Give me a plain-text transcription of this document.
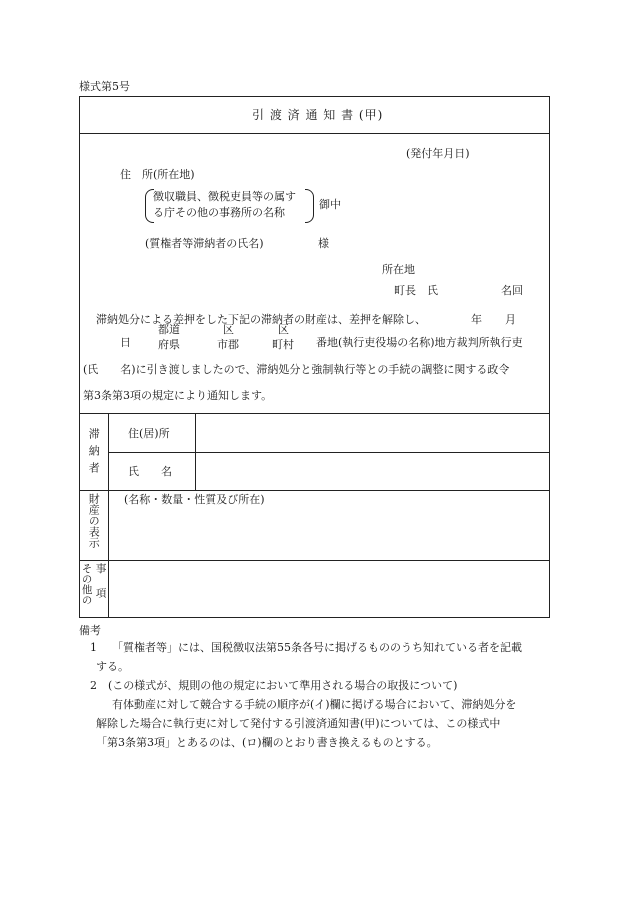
様式第5号
引 渡 済 通 知 書 (甲)
(発付年月日)
住　所(所在地)
徴収職員、徴税吏員等の属す
る庁その他の事務所の名称
御中
(質権者等滞納者の氏名)	様
所在地
町長　氏	名回
滞納処分による差押をした下記の滞納者の財産は、差押を解除し、	年 月
都道	区	区
日 府県	市郡	町村 番地(執行吏役場の名称)地方裁判所執行吏
(氏　　名)に引き渡しましたので、滞納処分と強制執行等との手続の調整に関する政令
第3条第3項の規定により通知します。
滞納者	住(居)所
氏　　名
財産の表示 (名称・数量・性質及び所在)
その他の 事項
備考
1 「質権者等」には、国税徴収法第55条各号に掲げるもののうち知れている者を記載
する。
2 (この様式が、規則の他の規定において準用される場合の取扱について)
有体動産に対して競合する手続の順序が(イ)欄に掲げる場合において、滞納処分を
解除した場合に執行吏に対して発付する引渡済通知書(甲)については、この様式中
「第3条第3項」とあるのは、(ロ)欄のとおり書き換えるものとする。
